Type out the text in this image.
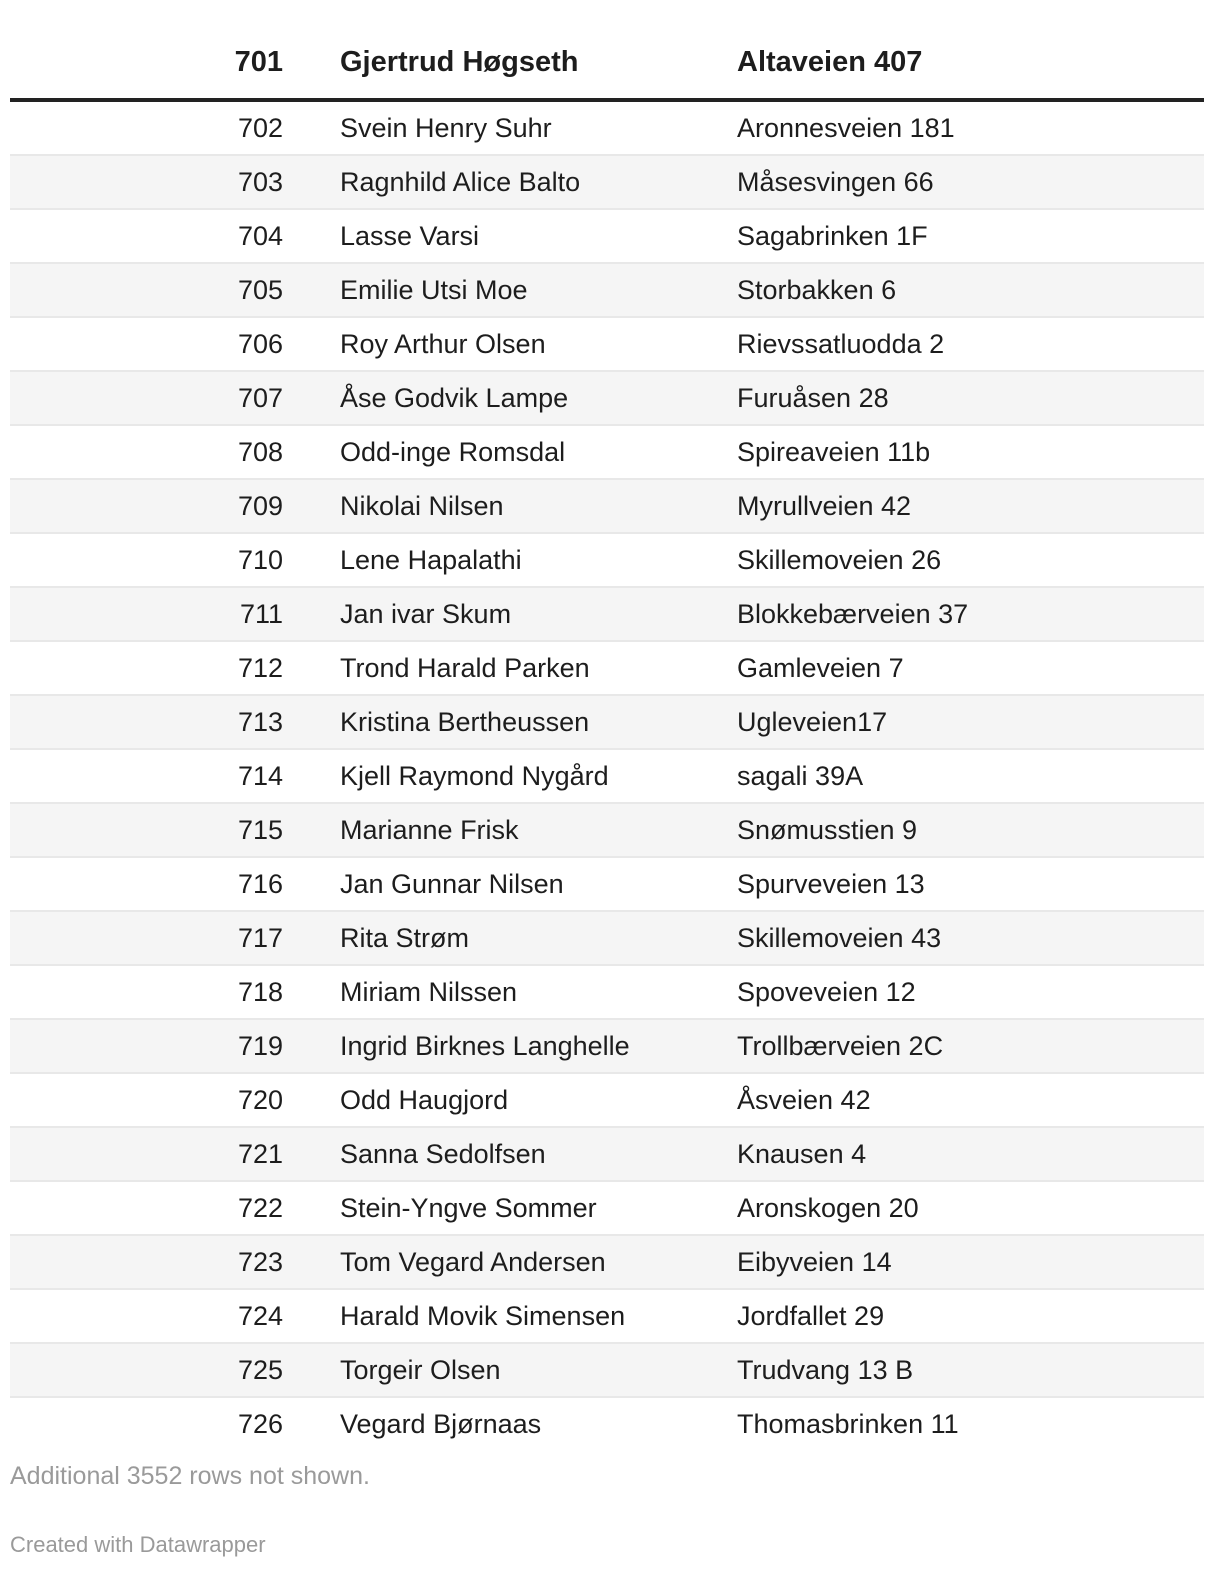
701	Gjertrud Høgseth	Altaveien 407
702	Svein Henry Suhr	Aronnesveien 181
703	Ragnhild Alice Balto	Måsesvingen 66
704	Lasse Varsi	Sagabrinken 1F
705	Emilie Utsi Moe	Storbakken 6
706	Roy Arthur Olsen	Rievssatluodda 2
707	Åse Godvik Lampe	Furuåsen 28
708	Odd-inge Romsdal	Spireaveien 11b
709	Nikolai Nilsen	Myrullveien 42
710	Lene Hapalathi	Skillemoveien 26
711	Jan ivar Skum	Blokkebærveien 37
712	Trond Harald Parken	Gamleveien 7
713	Kristina Bertheussen	Ugleveien17
714	Kjell Raymond Nygård	sagali 39A
715	Marianne Frisk	Snømusstien 9
716	Jan Gunnar Nilsen	Spurveveien 13
717	Rita Strøm	Skillemoveien 43
718	Miriam Nilssen	Spoveveien 12
719	Ingrid Birknes Langhelle	Trollbærveien 2C
720	Odd Haugjord	Åsveien 42
721	Sanna Sedolfsen	Knausen 4
722	Stein-Yngve Sommer	Aronskogen 20
723	Tom Vegard Andersen	Eibyveien 14
724	Harald Movik Simensen	Jordfallet 29
725	Torgeir Olsen	Trudvang 13 B
726	Vegard Bjørnaas	Thomasbrinken 11
Additional 3552 rows not shown.
Created with Datawrapper
